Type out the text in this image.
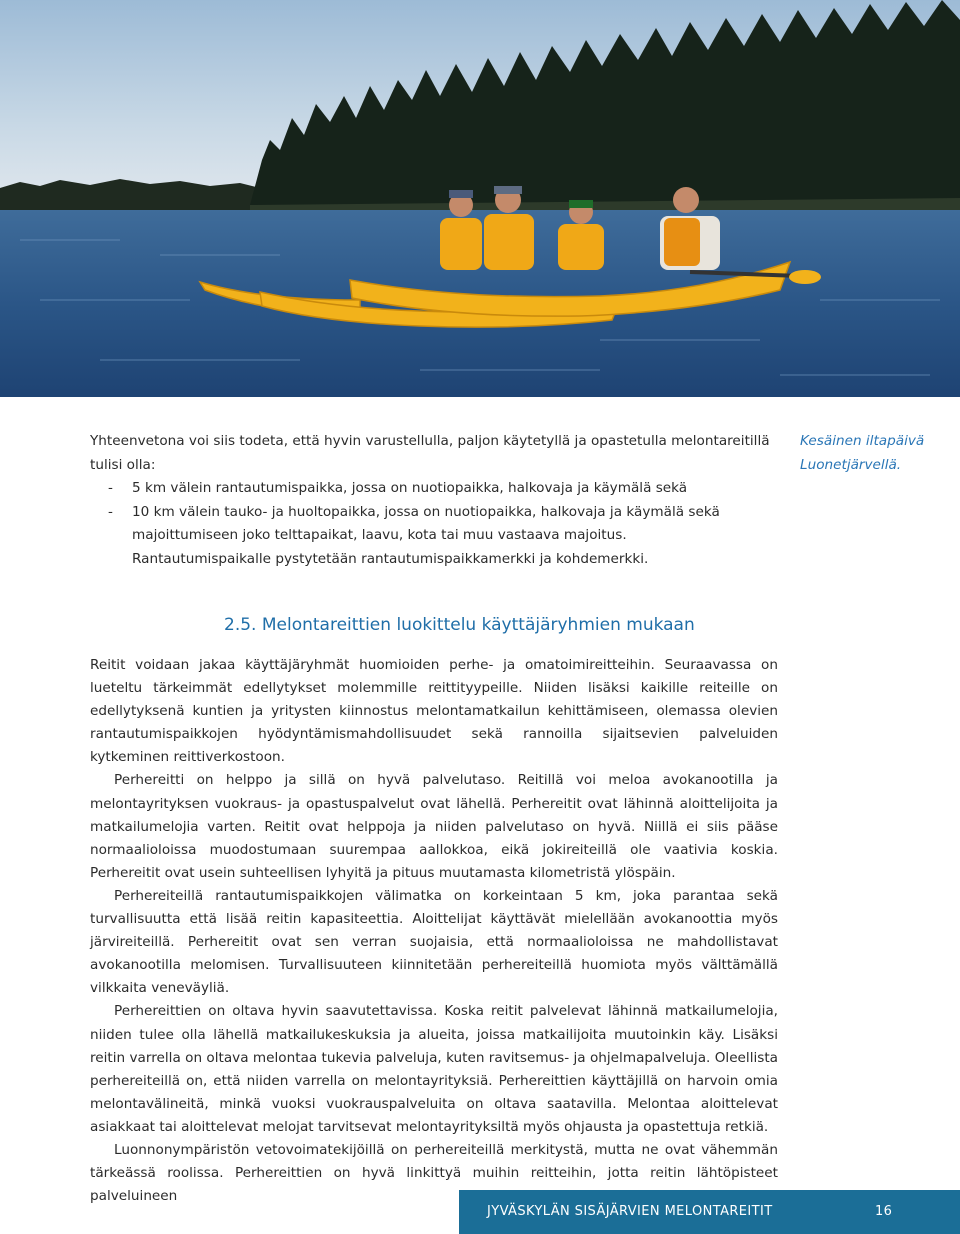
Yhteenvetona voi siis todeta, että hyvin varustellulla, paljon käytetyllä ja opastetulla melontareitillä tulisi olla:

-	5 km välein rantautumispaikka, jossa on nuotiopaikka, halkovaja ja käymälä sekä
-	10 km välein tauko- ja huoltopaikka, jossa on nuotiopaikka, halkovaja ja käymälä sekä majoittumiseen joko telttapaikat, laavu, kota tai muu vastaava majoitus.

Rantautumispaikalle pystytetään rantautumispaikkamerkki ja kohdemerkki.

Kesäinen iltapäivä Luonetjärvellä.
2.5. Melontareittien luokittelu käyttäjäryhmien mukaan

Reitit voidaan jakaa käyttäjäryhmät huomioiden perhe- ja omatoimireitteihin. Seuraavassa on lueteltu tärkeimmät edellytykset molemmille reittityypeille. Niiden lisäksi kaikille reiteille on edellytyksenä kuntien ja yritysten kiinnostus melontamatkailun kehittämiseen, olemassa olevien rantautumispaikkojen hyödyntämismahdollisuudet sekä rannoilla sijaitsevien palveluiden kytkeminen reittiverkostoon.

Perhereitti on helppo ja sillä on hyvä palvelutaso. Reitillä voi meloa avokanootilla ja melontayrityksen vuokraus- ja opastuspalvelut ovat lähellä. Perhereitit ovat lähinnä aloittelijoita ja matkailumelojia varten. Reitit ovat helppoja ja niiden palvelutaso on hyvä. Niillä ei siis pääse normaalioloissa muodostumaan suurempaa aallokkoa, eikä jokireiteillä ole vaativia koskia. Perhereitit ovat usein suhteellisen lyhyitä ja pituus muutamasta kilometristä ylöspäin.

Perhereiteillä rantautumispaikkojen välimatka on korkeintaan 5 km, joka parantaa sekä turvallisuutta että lisää reitin kapasiteettia. Aloittelijat käyttävät mielellään avokanoottia myös järvireiteillä. Perhereitit ovat sen verran suojaisia, että normaalioloissa ne mahdollistavat avokanootilla melomisen. Turvallisuuteen kiinnitetään perhereiteillä huomiota myös välttämällä vilkkaita veneväyliä.

Perhereittien on oltava hyvin saavutettavissa. Koska reitit palvelevat lähinnä matkailumelojia, niiden tulee olla lähellä matkailukeskuksia ja alueita, joissa matkailijoita muutoinkin käy. Lisäksi reitin varrella on oltava melontaa tukevia palveluja, kuten ravitsemus- ja ohjelmapalveluja. Oleellista perhereiteillä on, että niiden varrella on melontayrityksiä. Perhereittien käyttäjillä on harvoin omia melontavälineitä, minkä vuoksi vuokrauspalveluita on oltava saatavilla. Melontaa aloittelevat asiakkaat tai aloittelevat melojat tarvitsevat melontayrityksiltä myös ohjausta ja opastettuja retkiä.

Luonnonympäristön vetovoimatekijöillä on perhereiteillä merkitystä, mutta ne ovat vähemmän tärkeässä roolissa. Perhereittien on hyvä linkittyä muihin reitteihin, jotta reitin lähtöpisteet palveluineen

JYVÄSKYLÄN SISÄJÄRVIEN MELONTAREITIT	16
